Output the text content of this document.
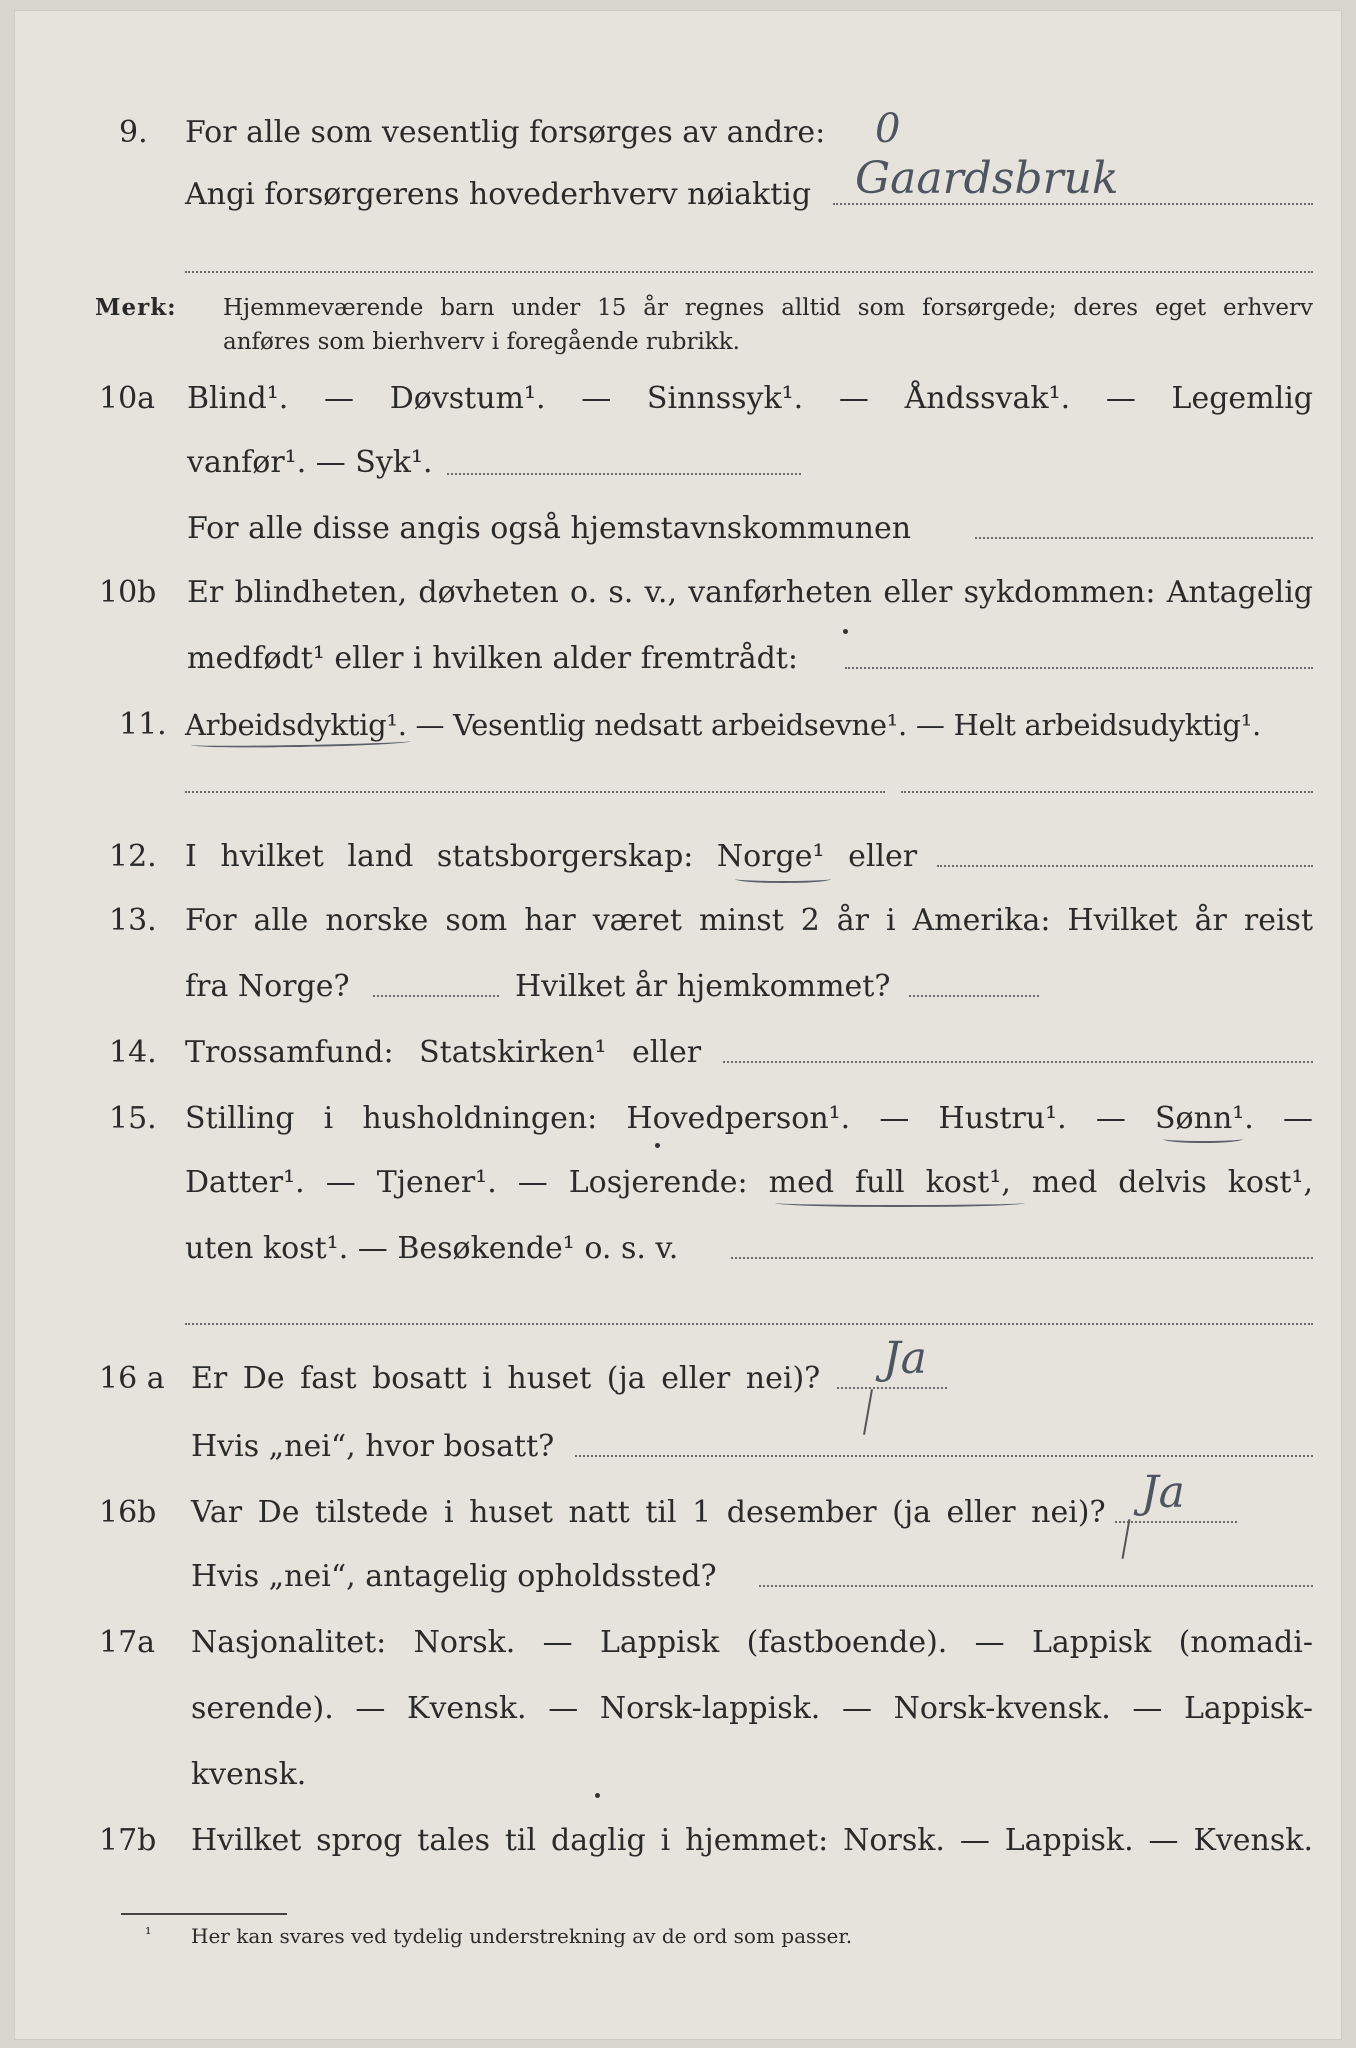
9. For alle som vesentlig forsørges av andre: 0
Angi forsørgerens hovederhverv nøiaktig Gaardsbruk
Merk: Hjemmeværende barn under 15 år regnes alltid som forsørgede; deres eget erhverv
anføres som bierhverv i foregående rubrikk.
10a Blind¹. — Døvstum¹. — Sinnssyk¹. — Åndssvak¹. — Legemlig
vanfør¹. — Syk¹.
For alle disse angis også hjemstavnskommunen
10b Er blindheten, døvheten o. s. v., vanførheten eller sykdommen: Antagelig
medfødt¹ eller i hvilken alder fremtrådt:
11. Arbeidsdyktig¹. — Vesentlig nedsatt arbeidsevne¹. — Helt arbeidsudyktig¹.
12. I hvilket land statsborgerskap: Norge¹ eller
13. For alle norske som har været minst 2 år i Amerika: Hvilket år reist
fra Norge?	Hvilket år hjemkommet?
14. Trossamfund: Statskirken¹ eller
15. Stilling i husholdningen: Hovedperson¹. — Hustru¹. — Sønn¹. —
Datter¹. — Tjener¹. — Losjerende: med full kost¹, med delvis kost¹,
uten kost¹. — Besøkende¹ o. s. v.
16 a Er De fast bosatt i huset (ja eller nei)? Ja
Hvis „nei“, hvor bosatt?
16b Var De tilstede i huset natt til 1 desember (ja eller nei)? Ja
Hvis „nei“, antagelig opholdssted?
17a Nasjonalitet: Norsk. — Lappisk (fastboende). — Lappisk (nomadi-
serende). — Kvensk. — Norsk-lappisk. — Norsk-kvensk. — Lappisk-
kvensk.
17b Hvilket sprog tales til daglig i hjemmet: Norsk. — Lappisk. — Kvensk.
¹ Her kan svares ved tydelig understrekning av de ord som passer.
